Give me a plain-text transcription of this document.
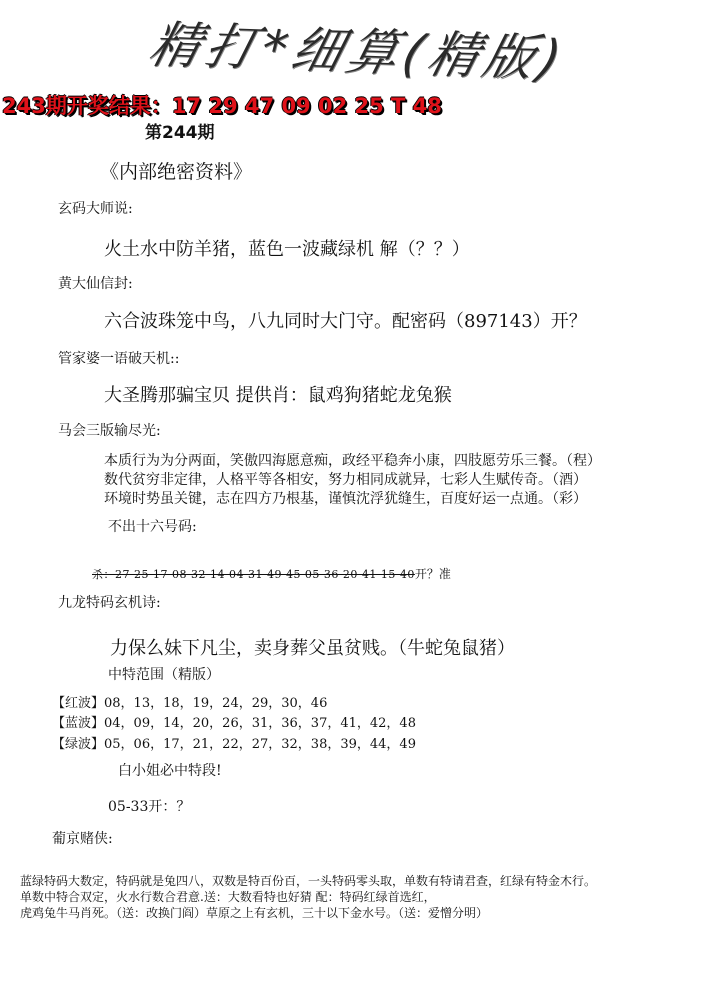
精打*细算(精版)
243期开奖结果：17 29 47 09 02 25 T 48
第244期
《内部绝密资料》
玄码大师说:
火土水中防羊猪，蓝色一波藏绿机 解（？？）
黄大仙信封:
六合波珠笼中鸟，八九同时大门守。配密码（897143）开？
管家婆一语破天机::
大圣腾那骗宝贝 提供肖：鼠鸡狗猪蛇龙兔猴
马会三版输尽光:
本质行为为分两面，笑傲四海愿意痴，政经平稳奔小康，四肢愿劳乐三餐。（程）
数代贫穷非定律，人格平等各相安，努力相同成就异，七彩人生赋传奇。（酒）
环境时势虽关键，志在四方乃根基，谨慎沈浮犹缝生，百度好运一点通。（彩）
不出十六号码:
杀：27 25 17 08 32 14 04 31 49 45 05 36 20 41 15 40开？准
九龙特码玄机诗:
力保么妹下凡尘，卖身葬父虽贫贱。（牛蛇兔鼠猪）
中特范围（精版）
【红波】08，13，18，19，24，29，30，46
【蓝波】04，09，14，20，26，31，36，37，41，42，48
【绿波】05，06，17，21，22，27，32，38，39，44，49
白小姐必中特段!
05-33开：？
葡京赌侠:
蓝绿特码大数定，特码就是兔四八，双数是特百份百，一头特码零头取，单数有特请君查，红绿有特金木行。
单数中特合双定，火水行数合君意.送：大数看特也好猜 配：特码红绿首选红，
虎鸡兔牛马肖死。（送：改换门阎）草原之上有玄机，三十以下金水号。（送：爱憎分明）
